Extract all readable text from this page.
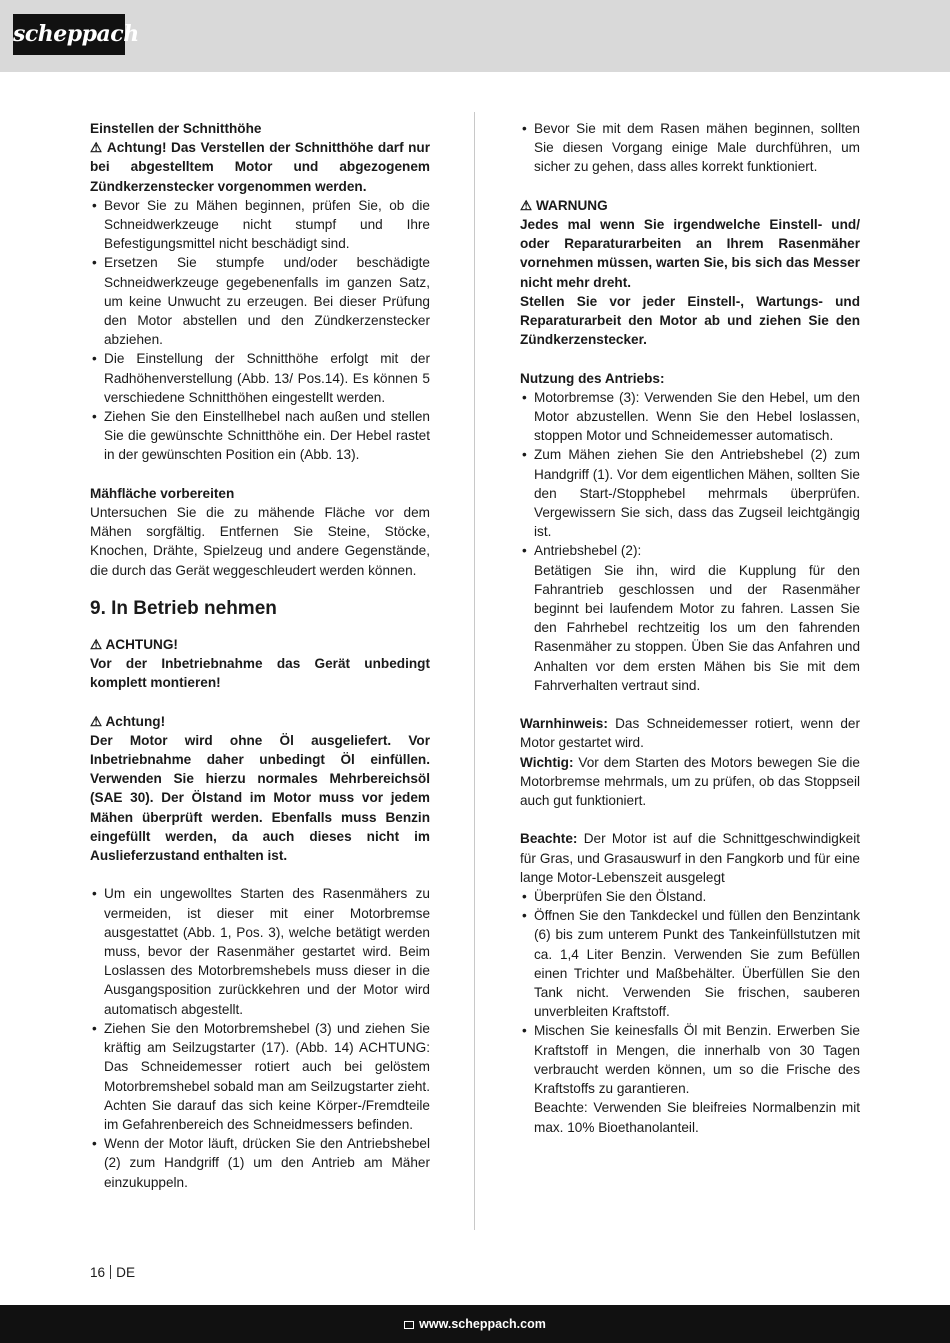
scheppach

Einstellen der Schnitthöhe

⚠ Achtung! Das Verstellen der Schnitthöhe darf nur bei abgestelltem Motor und abgezogenem Zündkerzenstecker vorgenommen werden.

• Bevor Sie zu Mähen beginnen, prüfen Sie, ob die Schneidwerkzeuge nicht stumpf und Ihre Befestigungsmittel nicht beschädigt sind.
• Ersetzen Sie stumpfe und/oder beschädigte Schneidwerkzeuge gegebenenfalls im ganzen Satz, um keine Unwucht zu erzeugen. Bei dieser Prüfung den Motor abstellen und den Zündkerzenstecker abziehen.
• Die Einstellung der Schnitthöhe erfolgt mit der Radhöhenverstellung (Abb. 13/ Pos.14). Es können 5 verschiedene Schnitthöhen eingestellt werden.
• Ziehen Sie den Einstellhebel nach außen und stellen Sie die gewünschte Schnitthöhe ein. Der Hebel rastet in der gewünschten Position ein (Abb. 13).

Mähfläche vorbereiten

Untersuchen Sie die zu mähende Fläche vor dem Mähen sorgfältig. Entfernen Sie Steine, Stöcke, Knochen, Drähte, Spielzeug und andere Gegenstände, die durch das Gerät weggeschleudert werden können.

9. In Betrieb nehmen

⚠ ACHTUNG!

Vor der Inbetriebnahme das Gerät unbedingt komplett montieren!

⚠ Achtung!

Der Motor wird ohne Öl ausgeliefert. Vor Inbetriebnahme daher unbedingt Öl einfüllen. Verwenden Sie hierzu normales Mehrbereichsöl (SAE 30). Der Ölstand im Motor muss vor jedem Mähen überprüft werden. Ebenfalls muss Benzin eingefüllt werden, da auch dieses nicht im Auslieferzustand enthalten ist.

• Um ein ungewolltes Starten des Rasenmähers zu vermeiden, ist dieser mit einer Motorbremse ausgestattet (Abb. 1, Pos. 3), welche betätigt werden muss, bevor der Rasenmäher gestartet wird. Beim Loslassen des Motorbremshebels muss dieser in die Ausgangsposition zurückkehren und der Motor wird automatisch abgestellt.
• Ziehen Sie den Motorbremshebel (3) und ziehen Sie kräftig am Seilzugstarter (17). (Abb. 14) ACHTUNG: Das Schneidemesser rotiert auch bei gelöstem Motorbremshebel sobald man am Seilzugstarter zieht. Achten Sie darauf das sich keine Körper-/Fremdteile im Gefahrenbereich des Schneidmessers befinden.
• Wenn der Motor läuft, drücken Sie den Antriebshebel (2) zum Handgriff (1) um den Antrieb am Mäher einzukuppeln.
• Bevor Sie mit dem Rasen mähen beginnen, sollten Sie diesen Vorgang einige Male durchführen, um sicher zu gehen, dass alles korrekt funktioniert.

⚠ WARNUNG

Jedes mal wenn Sie irgendwelche Einstell- und/ oder Reparaturarbeiten an Ihrem Rasenmäher vornehmen müssen, warten Sie, bis sich das Messer nicht mehr dreht.

Stellen Sie vor jeder Einstell-, Wartungs- und Reparaturarbeit den Motor ab und ziehen Sie den Zündkerzenstecker.

Nutzung des Antriebs:

• Motorbremse (3): Verwenden Sie den Hebel, um den Motor abzustellen. Wenn Sie den Hebel loslassen, stoppen Motor und Schneidemesser automatisch.
• Zum Mähen ziehen Sie den Antriebshebel (2) zum Handgriff (1). Vor dem eigentlichen Mähen, sollten Sie den Start-/Stopphebel mehrmals überprüfen. Vergewissern Sie sich, dass das Zugseil leichtgängig ist.
• Antriebshebel (2):
Betätigen Sie ihn, wird die Kupplung für den Fahrantrieb geschlossen und der Rasenmäher beginnt bei laufendem Motor zu fahren. Lassen Sie den Fahrhebel rechtzeitig los um den fahrenden Rasenmäher zu stoppen. Üben Sie das Anfahren und Anhalten vor dem ersten Mähen bis Sie mit dem Fahrverhalten vertraut sind.

Warnhinweis: Das Schneidemesser rotiert, wenn der Motor gestartet wird.

Wichtig: Vor dem Starten des Motors bewegen Sie die Motorbremse mehrmals, um zu prüfen, ob das Stoppseil auch gut funktioniert.

Beachte: Der Motor ist auf die Schnittgeschwindigkeit für Gras, und Grasauswurf in den Fangkorb und für eine lange Motor-Lebenszeit ausgelegt

• Überprüfen Sie den Ölstand.
• Öffnen Sie den Tankdeckel und füllen den Benzintank (6) bis zum unterem Punkt des Tankeinfüllstutzen mit ca. 1,4 Liter Benzin. Verwenden Sie zum Befüllen einen Trichter und Maßbehälter. Überfüllen Sie den Tank nicht. Verwenden Sie frischen, sauberen unverbleiten Kraftstoff.
• Mischen Sie keinesfalls Öl mit Benzin. Erwerben Sie Kraftstoff in Mengen, die innerhalb von 30 Tagen verbraucht werden können, um so die Frische des Kraftstoffs zu garantieren.
Beachte: Verwenden Sie bleifreies Normalbenzin mit max. 10% Bioethanolanteil.
16 DE
www.scheppach.com
